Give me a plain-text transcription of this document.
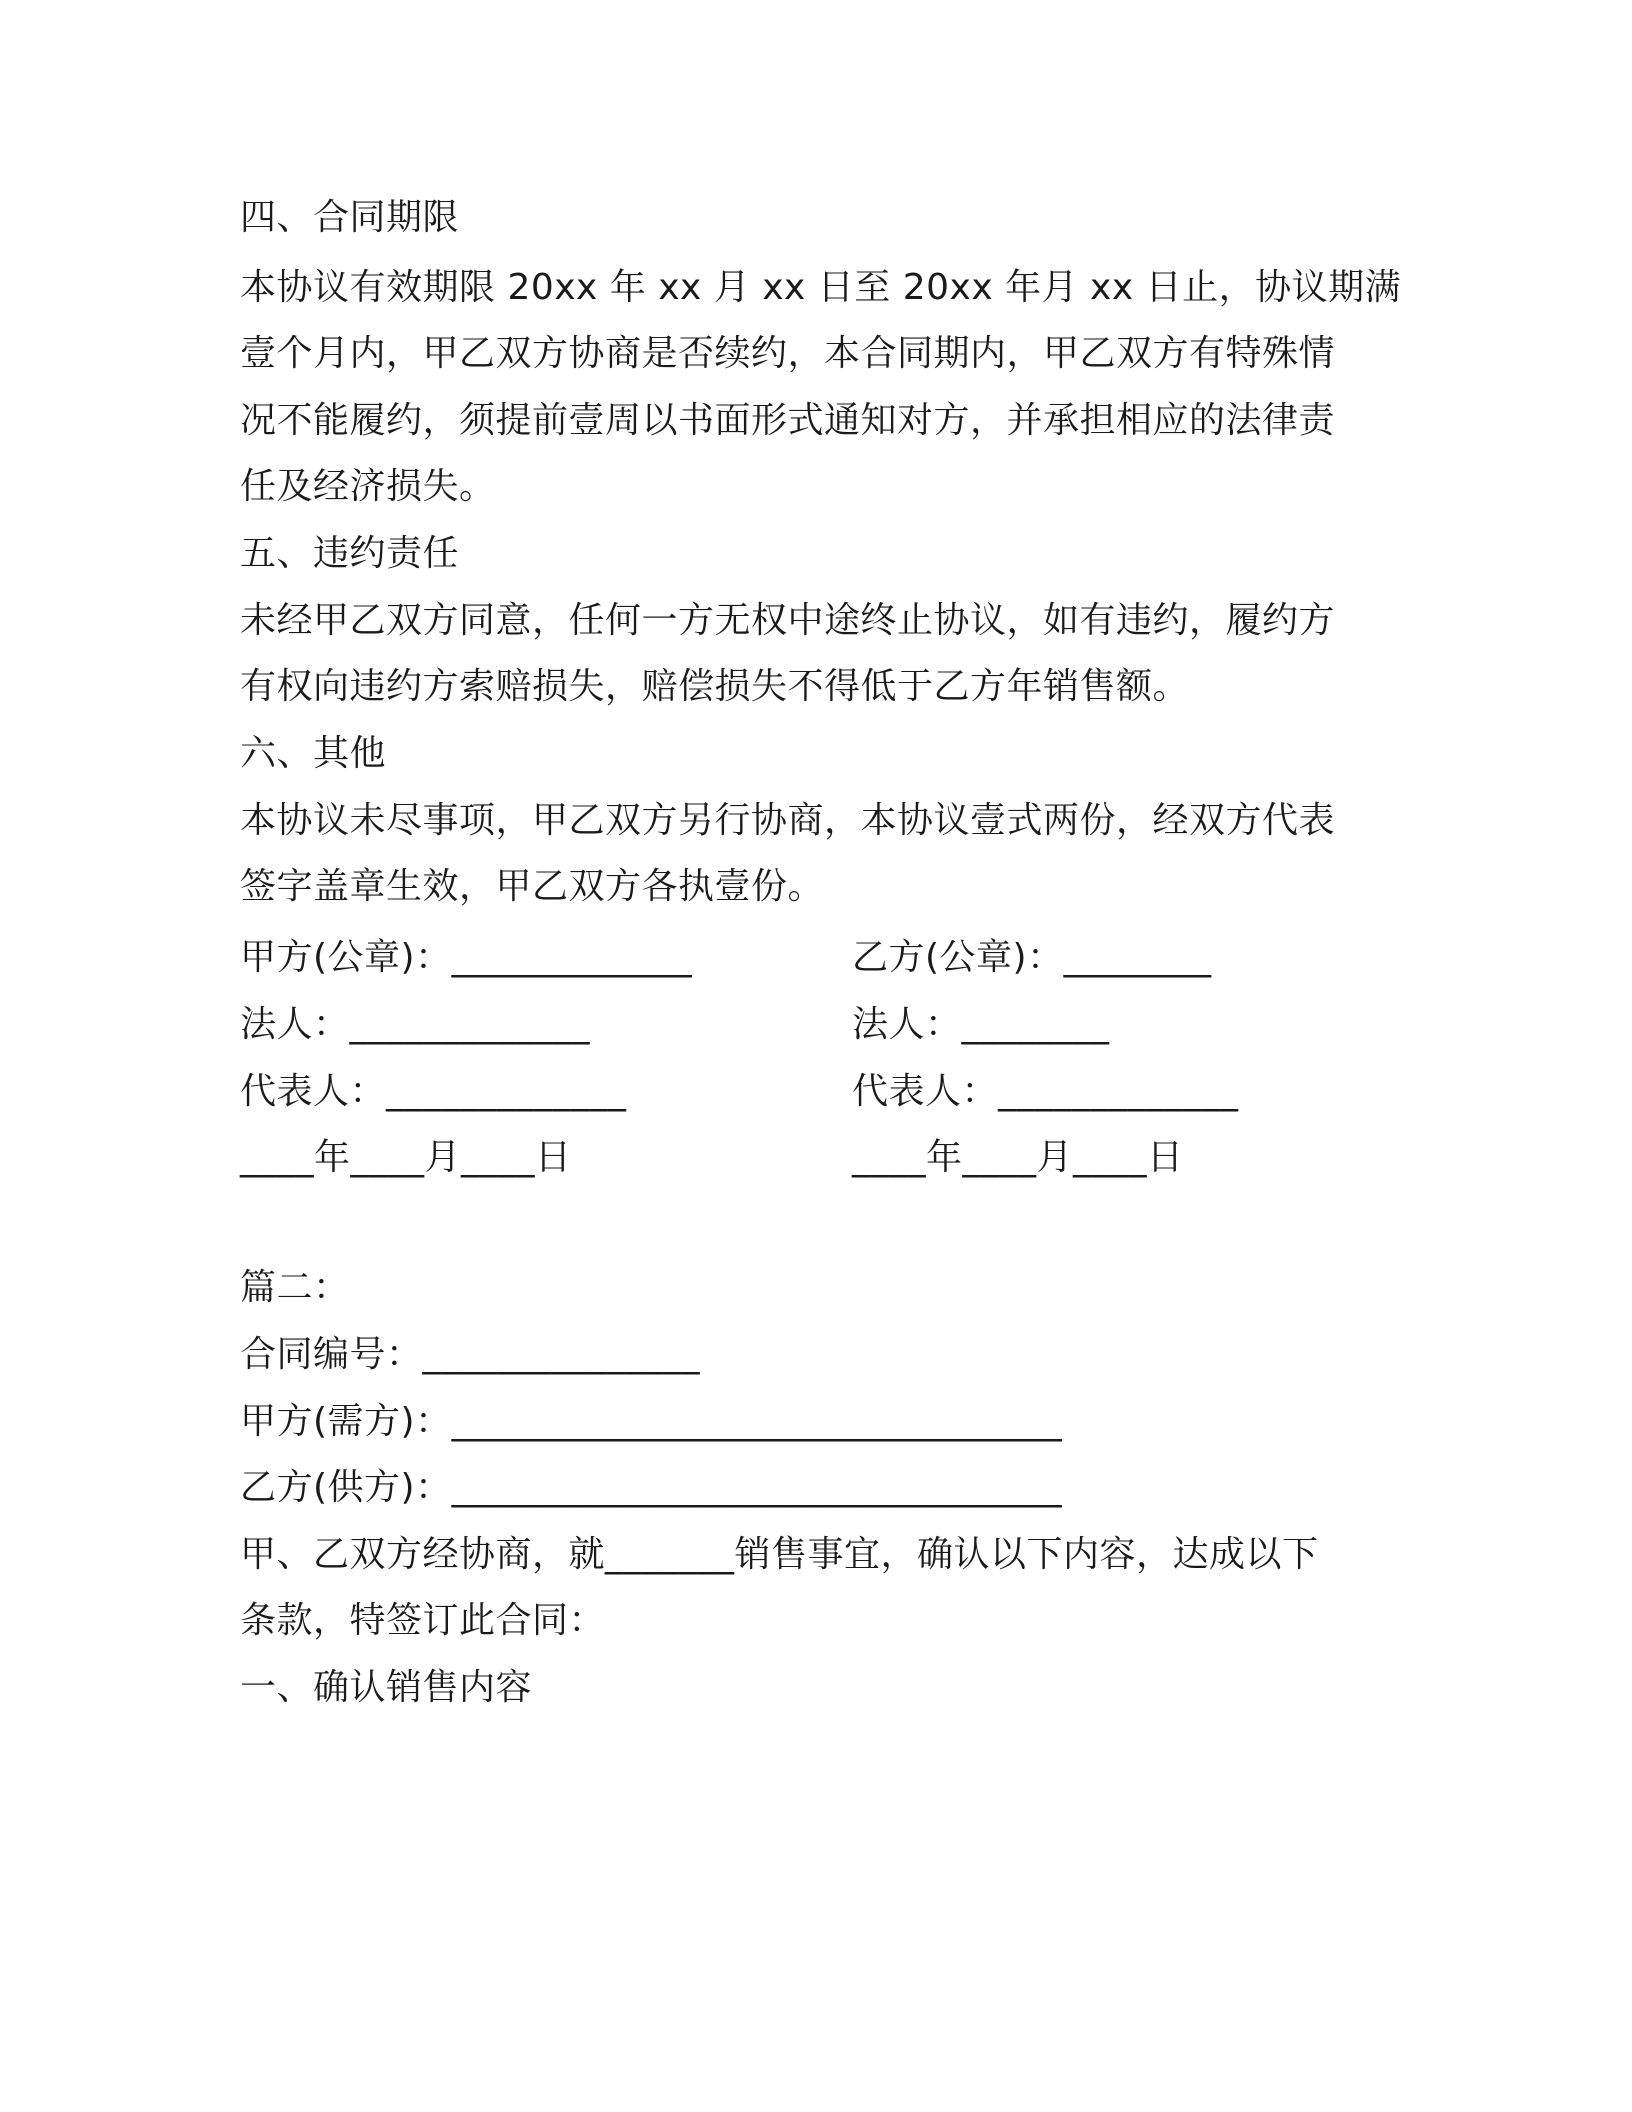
四、合同期限
本协议有效期限 20xx 年 xx 月 xx 日至 20xx 年月 xx 日止，协议期满
壹个月内，甲乙双方协商是否续约，本合同期内，甲乙双方有特殊情
况不能履约，须提前壹周以书面形式通知对方，并承担相应的法律责
任及经济损失。
五、违约责任
未经甲乙双方同意，任何一方无权中途终止协议，如有违约，履约方
有权向违约方索赔损失，赔偿损失不得低于乙方年销售额。
六、其他
本协议未尽事项，甲乙双方另行协商，本协议壹式两份，经双方代表
签字盖章生效，甲乙双方各执壹份。
甲方(公章)：_____________	乙方(公章)：________
法人：_____________	法人：________
代表人：_____________	代表人：_____________
____年____月____日	____年____月____日
篇二：
合同编号：_______________
甲方(需方)：_________________________________
乙方(供方)：_________________________________
甲、乙双方经协商，就_______销售事宜，确认以下内容，达成以下
条款，特签订此合同：
一、确认销售内容
